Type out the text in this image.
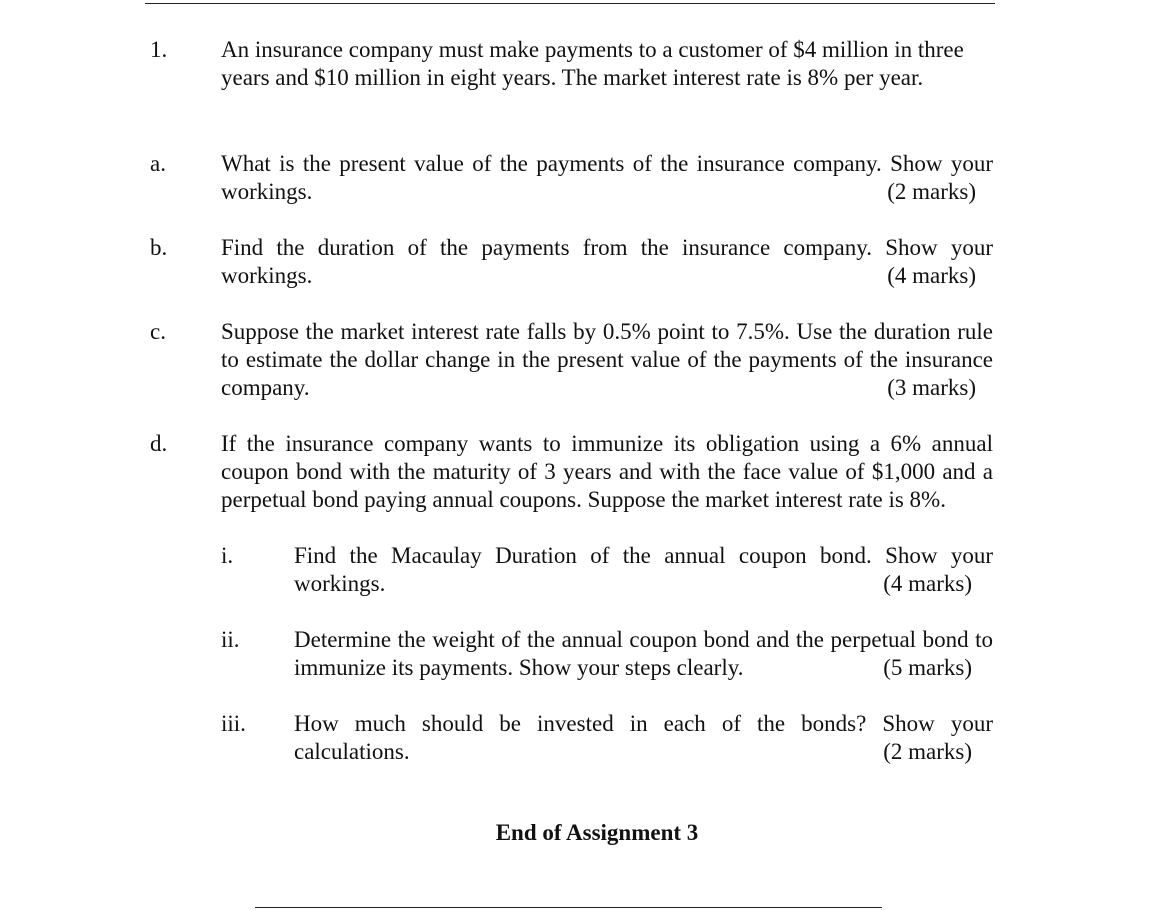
1. An insurance company must make payments to a customer of $4 million in three years and $10 million in eight years. The market interest rate is 8% per year.
a. What is the present value of the payments of the insurance company. Show your workings.	(2 marks)
b. Find the duration of the payments from the insurance company. Show your workings.	(4 marks)
c. Suppose the market interest rate falls by 0.5% point to 7.5%. Use the duration rule to estimate the dollar change in the present value of the payments of the insurance company.	(3 marks)
d. If the insurance company wants to immunize its obligation using a 6% annual coupon bond with the maturity of 3 years and with the face value of $1,000 and a perpetual bond paying annual coupons. Suppose the market interest rate is 8%.
i.	Find the Macaulay Duration of the annual coupon bond. Show your workings.	(4 marks)
ii. Determine the weight of the annual coupon bond and the perpetual bond to immunize its payments. Show your steps clearly.	(5 marks)
iii. How much should be invested in each of the bonds? Show your calculations.	(2 marks)
End of Assignment 3
